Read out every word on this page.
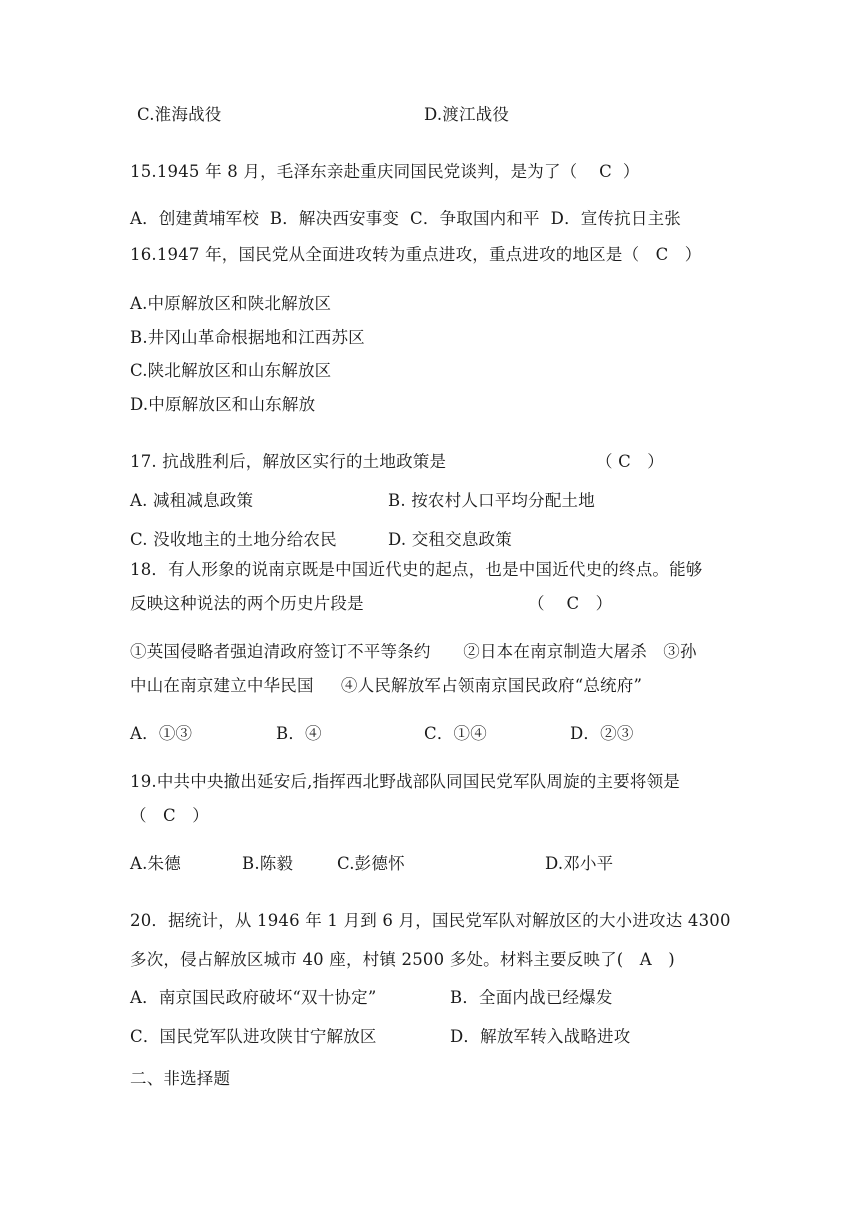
C.淮海战役	D.渡江战役
15.1945 年 8 月，毛泽东亲赴重庆同国民党谈判，是为了（    C  ）
A．创建黄埔军校  B．解决西安事变  C．争取国内和平  D．宣传抗日主张
16.1947 年，国民党从全面进攻转为重点进攻，重点进攻的地区是（   C   ）
A.中原解放区和陕北解放区
B.井冈山革命根据地和江西苏区
C.陕北解放区和山东解放区
D.中原解放区和山东解放
17. 抗战胜利后，解放区实行的土地政策是	（ C   ）
A. 减租减息政策	B. 按农村人口平均分配土地
C. 没收地主的土地分给农民	D. 交租交息政策
18．有人形象的说南京既是中国近代史的起点，也是中国近代史的终点。能够
反映这种说法的两个历史片段是	（    C   ）
①英国侵略者强迫清政府签订不平等条约      ②日本在南京制造大屠杀   ③孙
中山在南京建立中华民国     ④人民解放军占领南京国民政府“总统府”
A．①③	B．④	C．①④	D．②③
19.中共中央撤出延安后,指挥西北野战部队同国民党军队周旋的主要将领是
（   C   ）
A.朱德	B.陈毅	C.彭德怀	D.邓小平
20．据统计，从 1946 年 1 月到 6 月，国民党军队对解放区的大小进攻达 4300
多次，侵占解放区城市 40 座，村镇 2500 多处。材料主要反映了(   A   )
A．南京国民政府破坏“双十协定”	B．全面内战已经爆发
C．国民党军队进攻陕甘宁解放区	D．解放军转入战略进攻
二、非选择题
